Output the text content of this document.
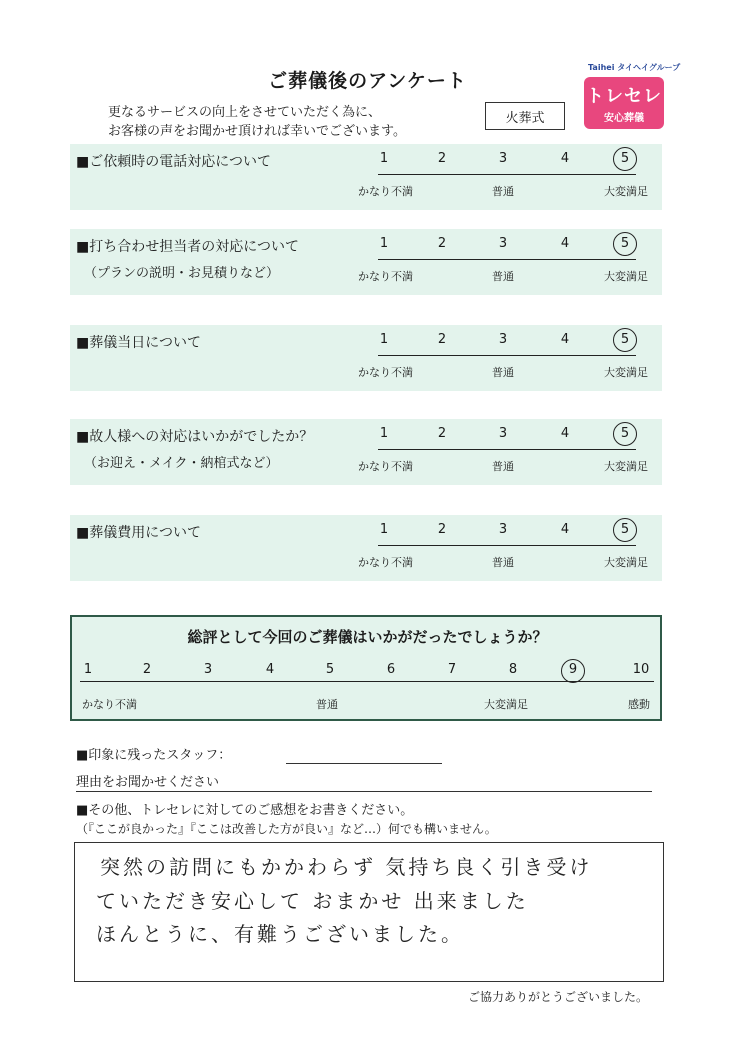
ご葬儀後のアンケート
更なるサービスの向上をさせていただく為に、
お客様の声をお聞かせ頂ければ幸いでございます。
火葬式
Taihei タイヘイグループ
トレセレ
安心葬儀
■ご依頼時の電話対応について	1	2	3	4	5
かなり不満	普通	大変満足
■打ち合わせ担当者の対応について
（プランの説明・お見積りなど）
1	2	3	4	5
かなり不満	普通	大変満足
■葬儀当日について	1	2	3	4	5
かなり不満	普通	大変満足
■故人様への対応はいかがでしたか？
（お迎え・メイク・納棺式など）
1	2	3	4	5
かなり不満	普通	大変満足
■葬儀費用について	1	2	3	4	5
かなり不満	普通	大変満足
総評として今回のご葬儀はいかがだったでしょうか？
1	2	3	4	5	6	7	8	9	10
かなり不満	普通	大変満足	感動
■印象に残ったスタッフ：
理由をお聞かせください
■その他、トレセレに対してのご感想をお書きください。
（『ここが良かった』『ここは改善した方が良い』など…）何でも構いません。
突然の訪問にもかかわらず 気持ち良く引き受け
ていただき安心して おまかせ 出来ました
ほんとうに、有難うございました。
ご協力ありがとうございました。
